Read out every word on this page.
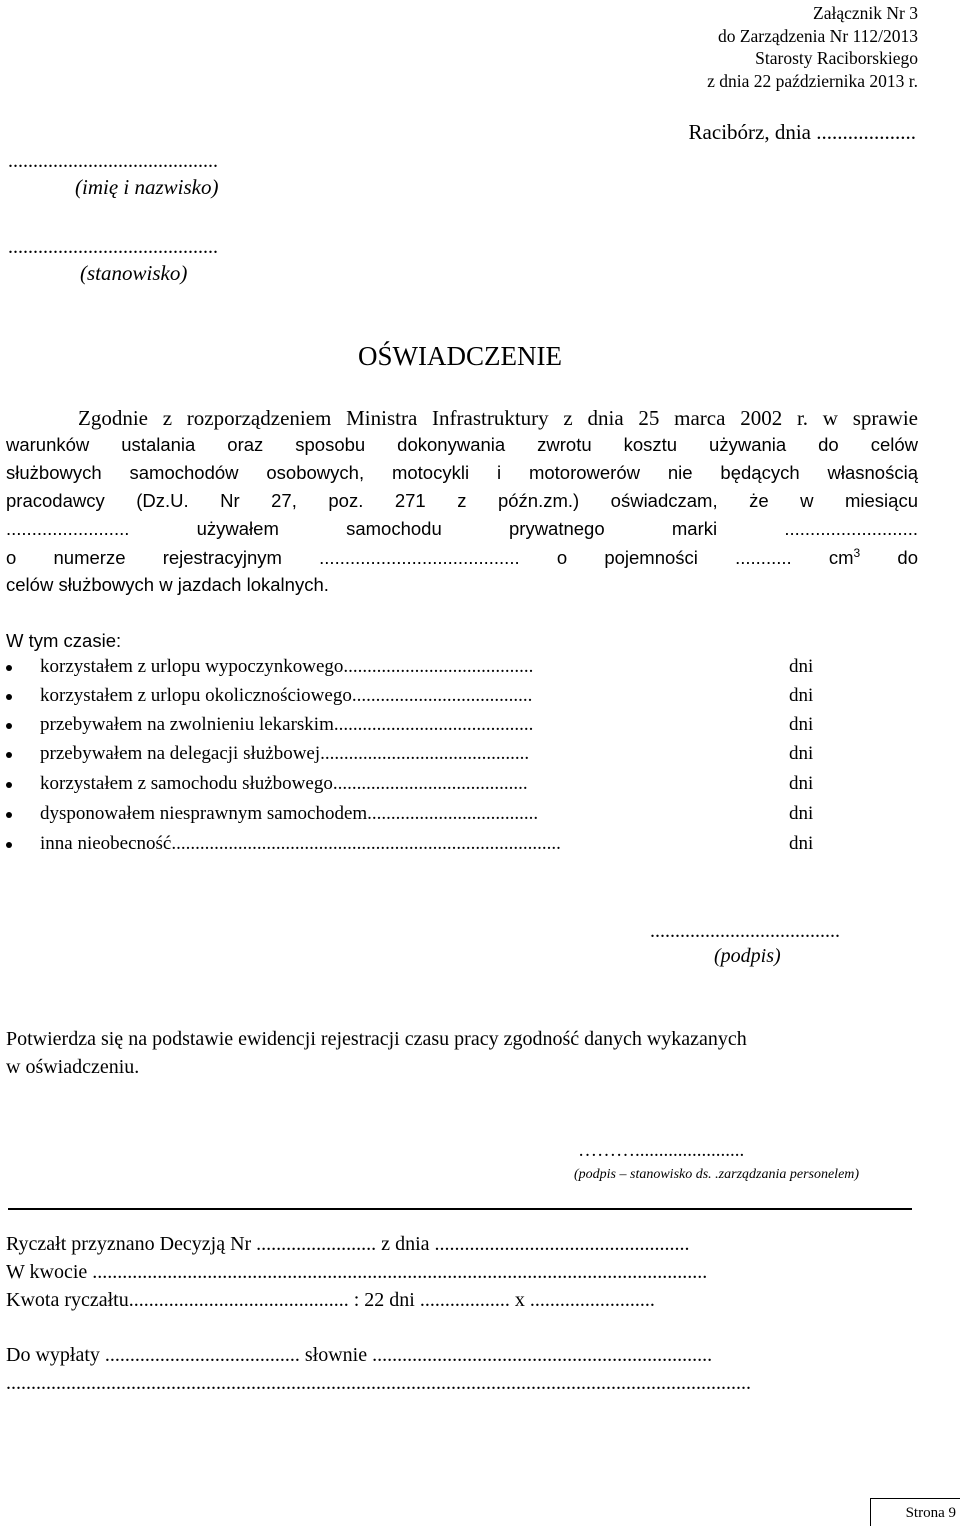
Załącznik Nr 3
do Zarządzenia Nr 112/2013
Starosty Raciborskiego
z dnia 22 października 2013 r.
Racibórz, dnia ...................
..........................................
(imię i nazwisko)
..........................................
(stanowisko)
OŚWIADCZENIE
Zgodnie z rozporządzeniem Ministra Infrastruktury z dnia 25 marca 2002 r. w sprawie
warunków ustalania oraz sposobu dokonywania zwrotu kosztu używania do celów
służbowych samochodów osobowych, motocykli i motorowerów nie będących własnością
pracodawcy (Dz.U. Nr 27, poz. 271 z późn.zm.) oświadczam, że w miesiącu
........................ używałem samochodu prywatnego marki ..........................
o numerze rejestracyjnym ....................................... o pojemności ........... $cm^3$ do
celów służbowych w jazdach lokalnych.
W tym czasie:
korzystałem z urlopu wypoczynkowego........................................	dni
korzystałem z urlopu okolicznościowego......................................	dni
przebywałem na zwolnieniu lekarskim..........................................	dni
przebywałem na delegacji służbowej............................................	dni
korzystałem z samochodu służbowego.........................................	dni
dysponowałem niesprawnym samochodem....................................	dni
inna nieobecność..................................................................................	dni
......................................
(podpis)
Potwierdza się na podstawie ewidencji rejestracji czasu pracy zgodność danych wykazanych
w oświadczeniu.
……….......................
(podpis – stanowisko ds. .zarządzania personelem)
Ryczałt przyznano Decyzją Nr ........................ z dnia ...................................................
W kwocie ...........................................................................................................................
Kwota ryczałtu............................................ : 22 dni .................. x .........................
Do wypłaty ....................................... słownie ....................................................................
.....................................................................................................................................................
Strona 9
